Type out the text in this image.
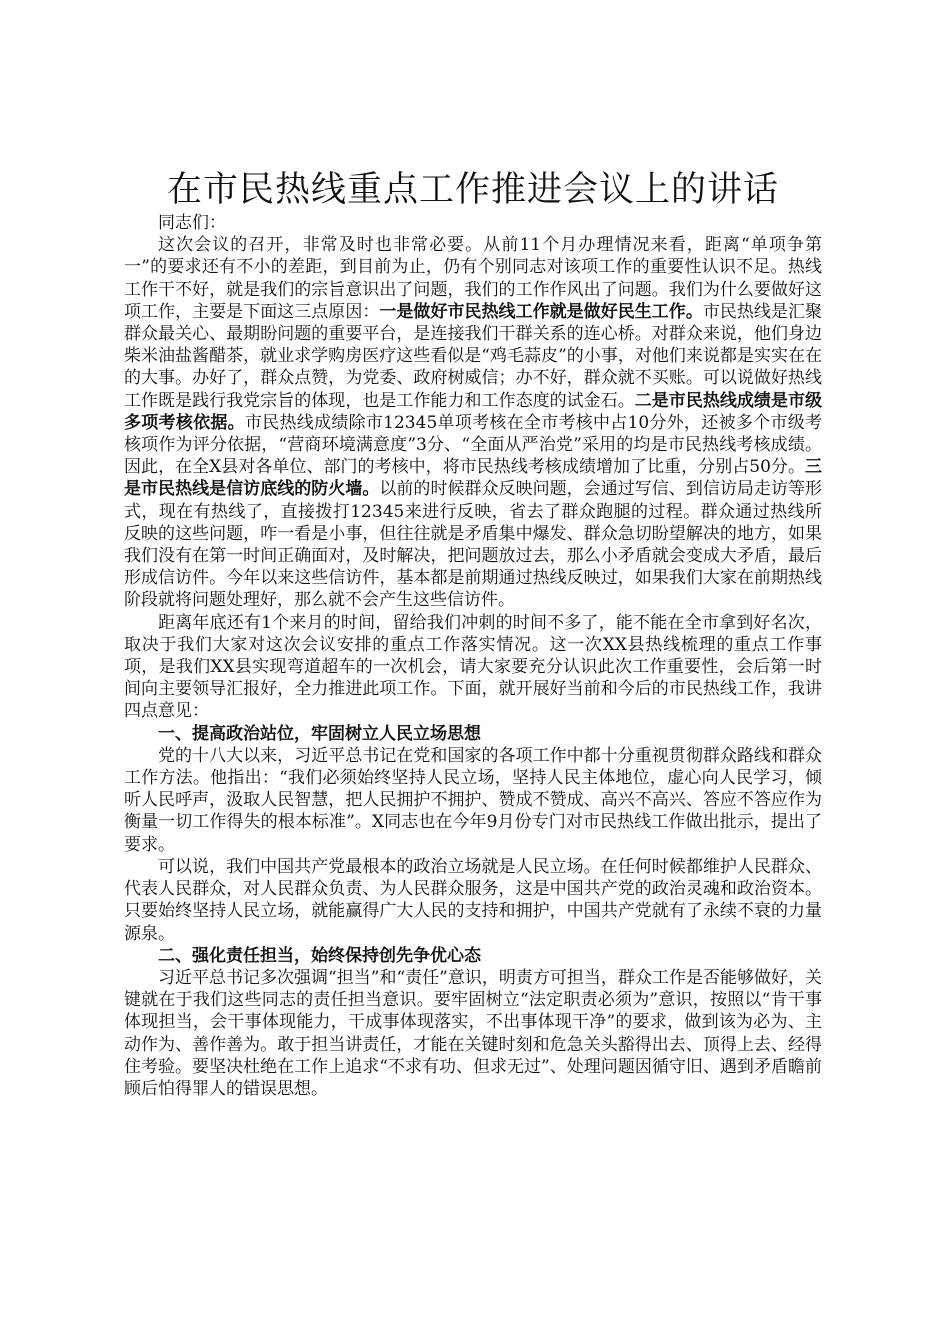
在市民热线重点工作推进会议上的讲话

同志们：

这次会议的召开，非常及时也非常必要。从前11个月办理情况来看，距离“单项争第一”的要求还有不小的差距，到目前为止，仍有个别同志对该项工作的重要性认识不足。热线工作干不好，就是我们的宗旨意识出了问题，我们的工作作风出了问题。我们为什么要做好这项工作，主要是下面这三点原因：一是做好市民热线工作就是做好民生工作。市民热线是汇聚群众最关心、最期盼问题的重要平台，是连接我们干群关系的连心桥。对群众来说，他们身边柴米油盐酱醋茶，就业求学购房医疗这些看似是“鸡毛蒜皮”的小事，对他们来说都是实实在在的大事。办好了，群众点赞，为党委、政府树威信；办不好，群众就不买账。可以说做好热线工作既是践行我党宗旨的体现，也是工作能力和工作态度的试金石。二是市民热线成绩是市级多项考核依据。市民热线成绩除市12345单项考核在全市考核中占10分外，还被多个市级考核项作为评分依据，“营商环境满意度”3分、“全面从严治党”采用的均是市民热线考核成绩。因此，在全X县对各单位、部门的考核中，将市民热线考核成绩增加了比重，分别占50分。三是市民热线是信访底线的防火墙。以前的时候群众反映问题，会通过写信、到信访局走访等形式，现在有热线了，直接拨打12345来进行反映，省去了群众跑腿的过程。群众通过热线所反映的这些问题，咋一看是小事，但往往就是矛盾集中爆发、群众急切盼望解决的地方，如果我们没有在第一时间正确面对，及时解决，把问题放过去，那么小矛盾就会变成大矛盾，最后形成信访件。今年以来这些信访件，基本都是前期通过热线反映过，如果我们大家在前期热线阶段就将问题处理好，那么就不会产生这些信访件。

距离年底还有1个来月的时间，留给我们冲刺的时间不多了，能不能在全市拿到好名次，取决于我们大家对这次会议安排的重点工作落实情况。这一次XX县热线梳理的重点工作事项，是我们XX县实现弯道超车的一次机会，请大家要充分认识此次工作重要性，会后第一时间向主要领导汇报好，全力推进此项工作。下面，就开展好当前和今后的市民热线工作，我讲四点意见：

一、提高政治站位，牢固树立人民立场思想

党的十八大以来，习近平总书记在党和国家的各项工作中都十分重视贯彻群众路线和群众工作方法。他指出：“我们必须始终坚持人民立场，坚持人民主体地位，虚心向人民学习，倾听人民呼声，汲取人民智慧，把人民拥护不拥护、赞成不赞成、高兴不高兴、答应不答应作为衡量一切工作得失的根本标准”。X同志也在今年9月份专门对市民热线工作做出批示，提出了要求。

可以说，我们中国共产党最根本的政治立场就是人民立场。在任何时候都维护人民群众、代表人民群众，对人民群众负责、为人民群众服务，这是中国共产党的政治灵魂和政治资本。只要始终坚持人民立场，就能赢得广大人民的支持和拥护，中国共产党就有了永续不衰的力量源泉。

二、强化责任担当，始终保持创先争优心态

习近平总书记多次强调“担当”和“责任”意识，明责方可担当，群众工作是否能够做好，关键就在于我们这些同志的责任担当意识。要牢固树立“法定职责必须为”意识，按照以“肯干事体现担当，会干事体现能力，干成事体现落实，不出事体现干净”的要求，做到该为必为、主动作为、善作善为。敢于担当讲责任，才能在关键时刻和危急关头豁得出去、顶得上去、经得住考验。要坚决杜绝在工作上追求“不求有功、但求无过”、处理问题因循守旧、遇到矛盾瞻前顾后怕得罪人的错误思想。
